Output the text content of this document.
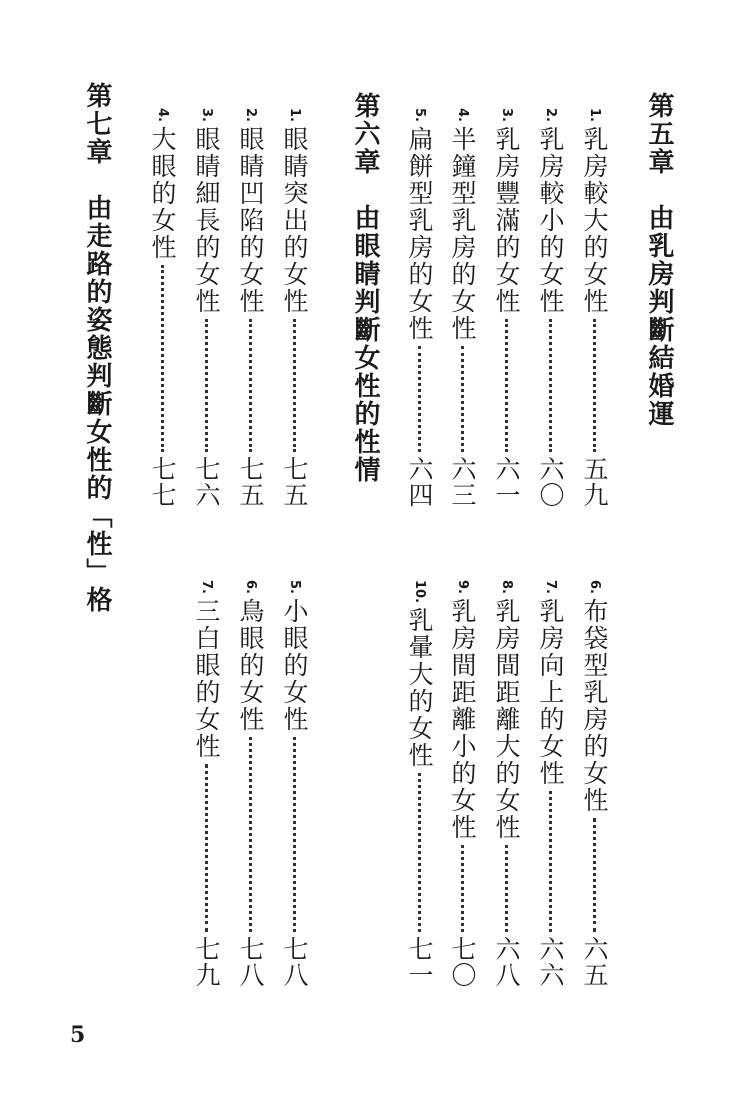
第五章由乳房判斷結婚運
1.
乳房較大的女性
五九
2.
乳房較小的女性
六〇
3.
乳房豐滿的女性
六一
4.
半鐘型乳房的女性
六三
5.
扁餅型乳房的女性
六四
6.
布袋型乳房的女性
六五
7.
乳房向上的女性
六六
8.
乳房間距離大的女性
六八
9.
乳房間距離小的女性
七〇
10.
乳暈大的女性
七一
第六章由眼睛判斷女性的性情
1.
眼睛突出的女性
七五
2.
眼睛凹陷的女性
七五
3.
眼睛細長的女性
七六
4.
大眼的女性
七七
5.
小眼的女性
七八
6.
鳥眼的女性
七八
7.
三白眼的女性
七九
第七章由走路的姿態判斷女性的「性」格
5
